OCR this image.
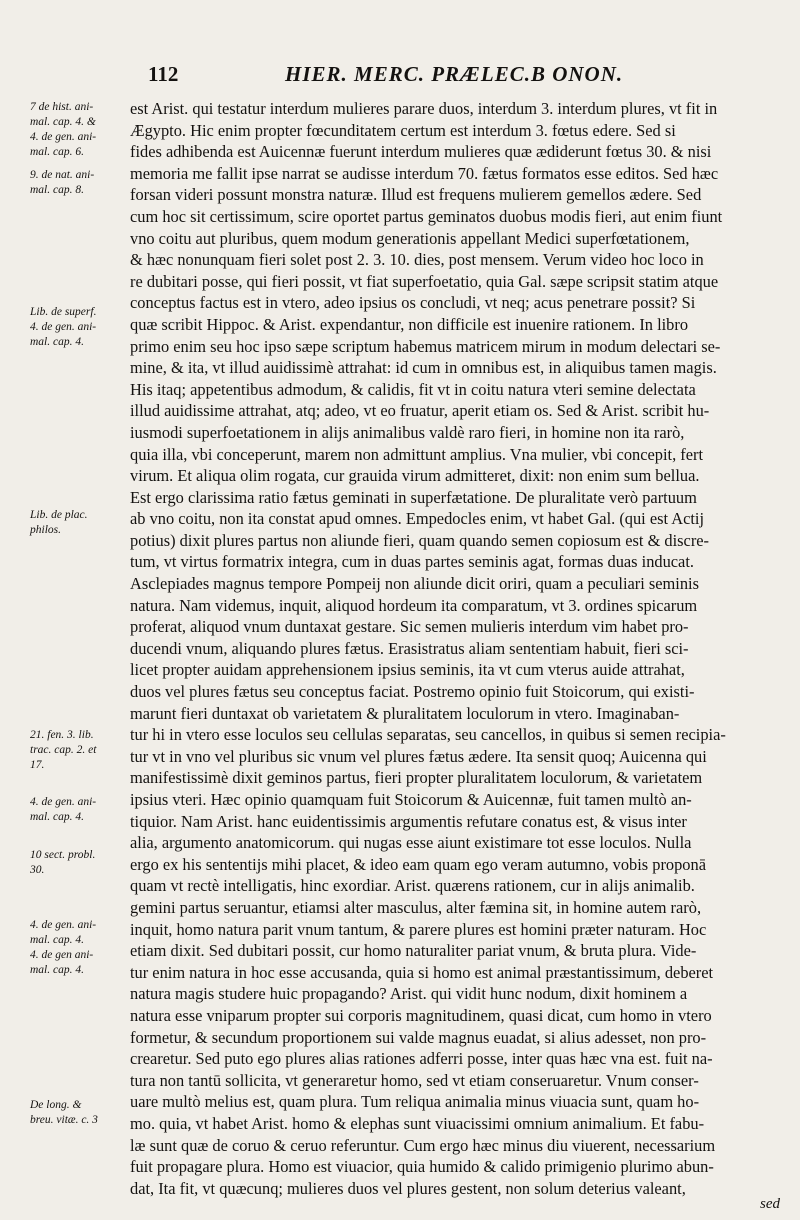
112	HIER. MERC. PRÆLEC.B ONON.
7 de hist. ani-
mal. cap. 4. &
4. de gen. ani-
mal. cap. 6.
9. de nat. ani-
mal. cap. 8.
Lib. de superf.
4. de gen. ani-
mal. cap. 4.
Lib. de plac.
philos.
21. fen. 3. lib.
trac. cap. 2. et
17.
4. de gen. ani-
mal. cap. 4.
10 sect. probl.
30.
4. de gen. ani-
mal. cap. 4.
4. de gen ani-
mal. cap. 4.
De long. &
breu. vitæ. c. 3
est Arist. qui testatur interdum mulieres parare duos, interdum 3. interdum plures, vt fit in
Ægypto. Hic enim propter fœcunditatem certum est interdum 3. fœtus edere. Sed si
fides adhibenda est Auicennæ fuerunt interdum mulieres quæ ædiderunt fœtus 30. & nisi
memoria me fallit ipse narrat se audisse interdum 70. fætus formatos esse editos. Sed hæc
forsan videri possunt monstra naturæ. Illud est frequens mulierem gemellos ædere. Sed
cum hoc sit certissimum, scire oportet partus geminatos duobus modis fieri, aut enim fiunt
vno coitu aut pluribus, quem modum generationis appellant Medici superfœtationem,
& hæc nonunquam fieri solet post 2. 3. 10. dies, post mensem. Verum video hoc loco in
re dubitari posse, qui fieri possit, vt fiat superfoetatio, quia Gal. sæpe scripsit statim atque
conceptus factus est in vtero, adeo ipsius os concludi, vt neq; acus penetrare possit? Si
quæ scribit Hippoc. & Arist. expendantur, non difficile est inuenire rationem. In libro
primo enim seu hoc ipso sæpe scriptum habemus matricem mirum in modum delectari se-
mine, & ita, vt illud auidissimè attrahat: id cum in omnibus est, in aliquibus tamen magis.
His itaq; appetentibus admodum, & calidis, fit vt in coitu natura vteri semine delectata
illud auidissime attrahat, atq; adeo, vt eo fruatur, aperit etiam os. Sed & Arist. scribit hu-
iusmodi superfoetationem in alijs animalibus valdè raro fieri, in homine non ita rarò,
quia illa, vbi conceperunt, marem non admittunt amplius. Vna mulier, vbi concepit, fert
virum. Et aliqua olim rogata, cur grauida virum admitteret, dixit: non enim sum bellua.
Est ergo clarissima ratio fætus geminati in superfætatione. De pluralitate verò partuum
ab vno coitu, non ita constat apud omnes. Empedocles enim, vt habet Gal. (qui est Actij
potius) dixit plures partus non aliunde fieri, quam quando semen copiosum est & discre-
tum, vt virtus formatrix integra, cum in duas partes seminis agat, formas duas inducat.
Asclepiades magnus tempore Pompeij non aliunde dicit oriri, quam a peculiari seminis
natura. Nam videmus, inquit, aliquod hordeum ita comparatum, vt 3. ordines spicarum
proferat, aliquod vnum duntaxat gestare. Sic semen mulieris interdum vim habet pro-
ducendi vnum, aliquando plures fætus. Erasistratus aliam sententiam habuit, fieri sci-
licet propter auidam apprehensionem ipsius seminis, ita vt cum vterus auide attrahat,
duos vel plures fætus seu conceptus faciat. Postremo opinio fuit Stoicorum, qui existi-
marunt fieri duntaxat ob varietatem & pluralitatem loculorum in vtero. Imaginaban-
tur hi in vtero esse loculos seu cellulas separatas, seu cancellos, in quibus si semen recipia-
tur vt in vno vel pluribus sic vnum vel plures fætus ædere. Ita sensit quoq; Auicenna qui
manifestissimè dixit geminos partus, fieri propter pluralitatem loculorum, & varietatem
ipsius vteri. Hæc opinio quamquam fuit Stoicorum & Auicennæ, fuit tamen multò an-
tiquior. Nam Arist. hanc euidentissimis argumentis refutare conatus est, & visus inter
alia, argumento anatomicorum. qui nugas esse aiunt existimare tot esse loculos. Nulla
ergo ex his sententijs mihi placet, & ideo eam quam ego veram autumno, vobis proponā
quam vt rectè intelligatis, hinc exordiar. Arist. quærens rationem, cur in alijs animalib.
gemini partus seruantur, etiamsi alter masculus, alter fæmina sit, in homine autem rarò,
inquit, homo natura parit vnum tantum, & parere plures est homini præter naturam. Hoc
etiam dixit. Sed dubitari possit, cur homo naturaliter pariat vnum, & bruta plura. Vide-
tur enim natura in hoc esse accusanda, quia si homo est animal præstantissimum, deberet
natura magis studere huic propagando? Arist. qui vidit hunc nodum, dixit hominem a
natura esse vniparum propter sui corporis magnitudinem, quasi dicat, cum homo in vtero
formetur, & secundum proportionem sui valde magnus euadat, si alius adesset, non pro-
crearetur. Sed puto ego plures alias rationes adferri posse, inter quas hæc vna est. fuit na-
tura non tantū sollicita, vt generaretur homo, sed vt etiam conseruaretur. Vnum conser-
uare multò melius est, quam plura. Tum reliqua animalia minus viuacia sunt, quam ho-
mo. quia, vt habet Arist. homo & elephas sunt viuacissimi omnium animalium. Et fabu-
læ sunt quæ de coruo & ceruo referuntur. Cum ergo hæc minus diu viuerent, necessarium
fuit propagare plura. Homo est viuacior, quia humido & calido primigenio plurimo abun-
dat, Ita fit, vt quæcunq; mulieres duos vel plures gestent, non solum deterius valeant,
sed
